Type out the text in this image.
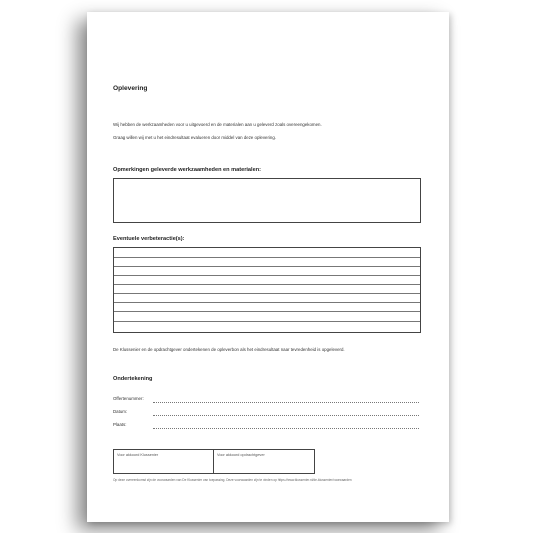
Oplevering
Wij hebben de werkzaamheden voor u uitgevoerd en de materialen aan u geleverd zoals overeengekomen.
Graag willen wij met u het eindresultaat evalueren door middel van deze oplevering.
Opmerkingen geleverde werkzaamheden en materialen:
Eventuele verbeteractie(s):
De Klussenier en de opdrachtgever ondertekenen de opleverbon als het eindresultaat naar tevredenheid is opgeleverd.
Ondertekening
Offertenummer:
Datum:
Plaats:
Voor akkoord Klussenier	Voor akkoord opdrachtgever
Op deze overeenkomst zijn de voorwaarden van De Klussenier van toepassing. Deze voorwaarden zijn te vinden op https://www.klussenier.nl/de-klussenier/voorwaarden
